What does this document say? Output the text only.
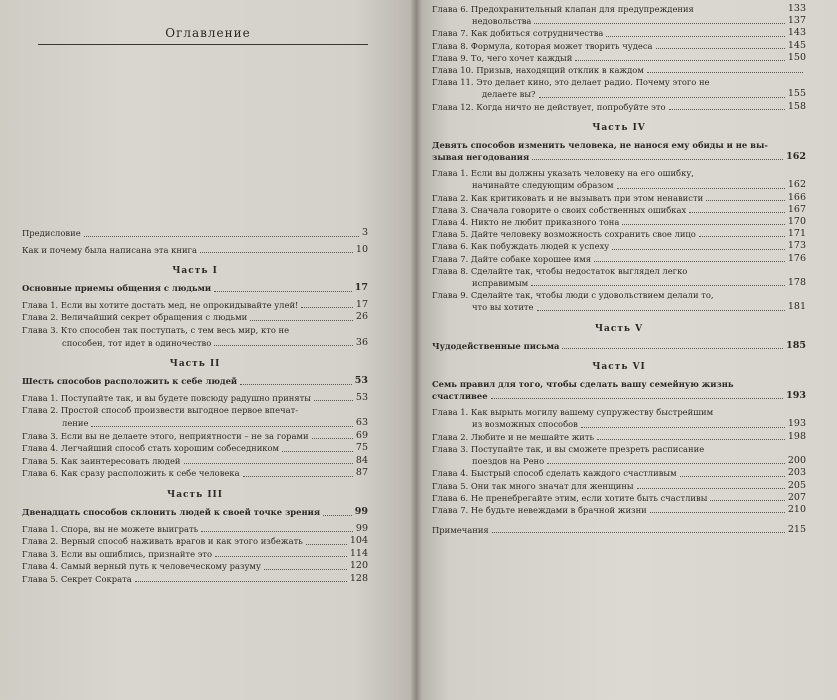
Оглавление
Предисловие	3
Как и почему была написана эта книга	10
Часть I
Основные приемы общения с людьми	17
Глава 1. Если вы хотите достать мед, не опрокидывайте улей!	17
Глава 2. Величайший секрет обращения с людьми	26
Глава 3. Кто способен так поступать, с тем весь мир, кто не
способен, тот идет в одиночество	36
Часть II
Шесть способов расположить к себе людей	53
Глава 1. Поступайте так, и вы будете повсюду радушно приняты	53
Глава 2. Простой способ произвести выгодное первое впечат-
ление	63
Глава 3. Если вы не делаете этого, неприятности – не за горами	69
Глава 4. Легчайший способ стать хорошим собеседником	75
Глава 5. Как заинтересовать людей	84
Глава 6. Как сразу расположить к себе человека	87
Часть III
Двенадцать способов склонить людей к своей точке зрения	99
Глава 1. Спора, вы не можете выиграть	99
Глава 2. Верный способ наживать врагов и как этого избежать	104
Глава 3. Если вы ошиблись, признайте это	114
Глава 4. Самый верный путь к человеческому разуму	120
Глава 5. Секрет Сократа	128
Глава 6. Предохранительный клапан для предупреждения	133
недовольства	137
Глава 7. Как добиться сотрудничества	143
Глава 8. Формула, которая может творить чудеса	145
Глава 9. То, чего хочет каждый	150
Глава 10. Призыв, находящий отклик в каждом
Глава 11. Это делает кино, это делает радио. Почему этого не
делаете вы?	155
Глава 12. Когда ничто не действует, попробуйте это	158
Часть IV
Девять способов изменить человека, не нанося ему обиды и не вы-
зывая негодования	162
Глава 1. Если вы должны указать человеку на его ошибку,
начинайте следующим образом	162
Глава 2. Как критиковать и не вызывать при этом ненависти	166
Глава 3. Сначала говорите о своих собственных ошибках	167
Глава 4. Никто не любит приказного тона	170
Глава 5. Дайте человеку возможность сохранить свое лицо	171
Глава 6. Как побуждать людей к успеху	173
Глава 7. Дайте собаке хорошее имя	176
Глава 8. Сделайте так, чтобы недостаток выглядел легко
исправимым	178
Глава 9. Сделайте так, чтобы люди с удовольствием делали то,
что вы хотите	181
Часть V
Чудодейственные письма	185
Часть VI
Семь правил для того, чтобы сделать вашу семейную жизнь
счастливее	193
Глава 1. Как вырыть могилу вашему супружеству быстрейшим
из возможных способов	193
Глава 2. Любите и не мешайте жить	198
Глава 3. Поступайте так, и вы сможете презреть расписание
поездов на Рено	200
Глава 4. Быстрый способ сделать каждого счастливым	203
Глава 5. Они так много значат для женщины	205
Глава 6. Не пренебрегайте этим, если хотите быть счастливы	207
Глава 7. Не будьте невеждами в брачной жизни	210
Примечания	215
